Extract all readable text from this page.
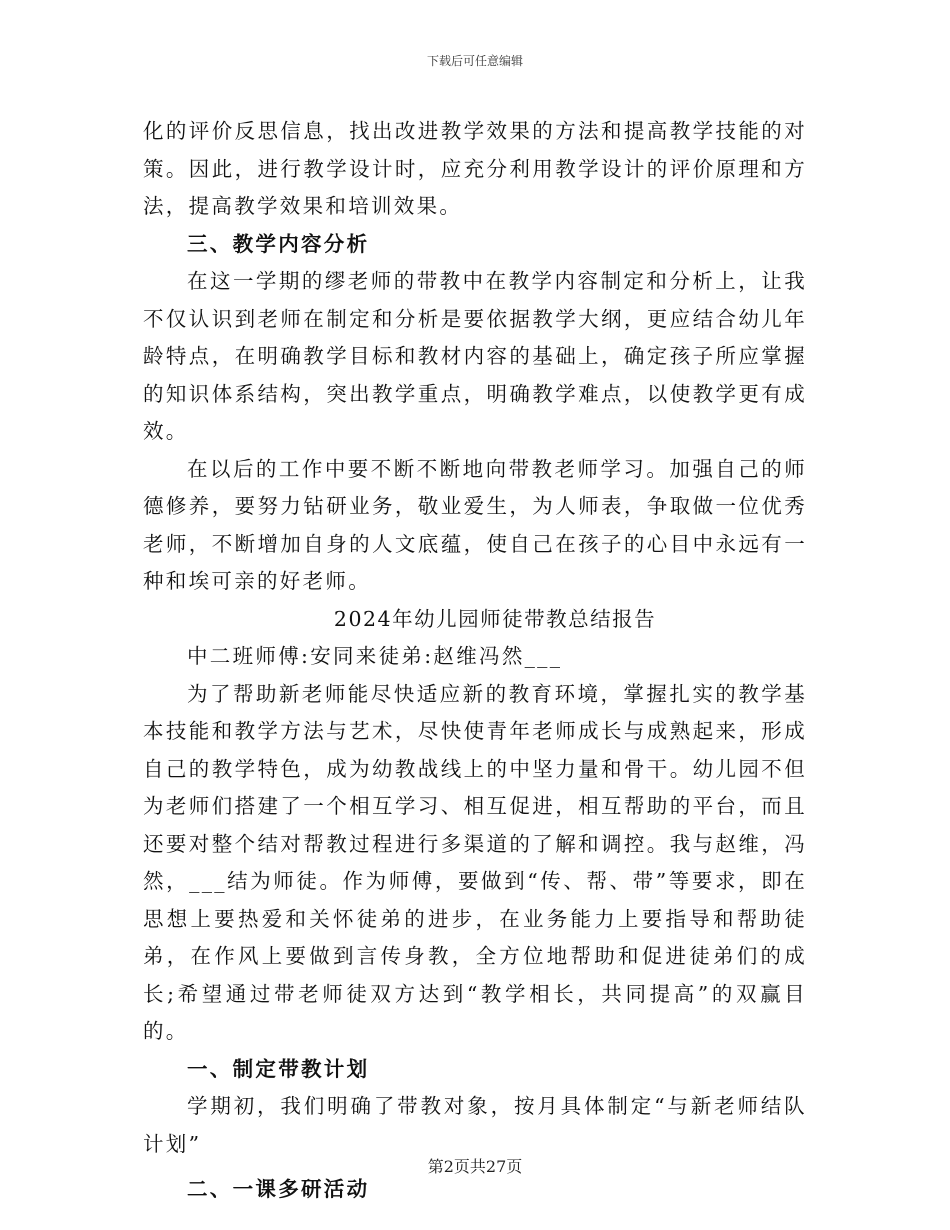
下载后可任意编辑

化的评价反思信息，找出改进教学效果的方法和提高教学技能的对策。因此，进行教学设计时，应充分利用教学设计的评价原理和方法，提高教学效果和培训效果。

三、教学内容分析

在这一学期的缪老师的带教中在教学内容制定和分析上，让我不仅认识到老师在制定和分析是要依据教学大纲，更应结合幼儿年龄特点，在明确教学目标和教材内容的基础上，确定孩子所应掌握的知识体系结构，突出教学重点，明确教学难点，以使教学更有成效。

在以后的工作中要不断不断地向带教老师学习。加强自己的师德修养，要努力钻研业务，敬业爱生，为人师表，争取做一位优秀老师，不断增加自身的人文底蕴，使自己在孩子的心目中永远有一种和埃可亲的好老师。

2024年幼儿园师徒带教总结报告

中二班师傅:安同来徒弟:赵维冯然___

为了帮助新老师能尽快适应新的教育环境，掌握扎实的教学基本技能和教学方法与艺术，尽快使青年老师成长与成熟起来，形成自己的教学特色，成为幼教战线上的中坚力量和骨干。幼儿园不但为老师们搭建了一个相互学习、相互促进，相互帮助的平台，而且还要对整个结对帮教过程进行多渠道的了解和调控。我与赵维，冯然，___结为师徒。作为师傅，要做到“传、帮、带”等要求，即在思想上要热爱和关怀徒弟的进步，在业务能力上要指导和帮助徒弟，在作风上要做到言传身教，全方位地帮助和促进徒弟们的成长;希望通过带老师徒双方达到“教学相长，共同提高”的双赢目的。

一、制定带教计划

学期初，我们明确了带教对象，按月具体制定“与新老师结队计划”

二、一课多研活动

第2页共27页
